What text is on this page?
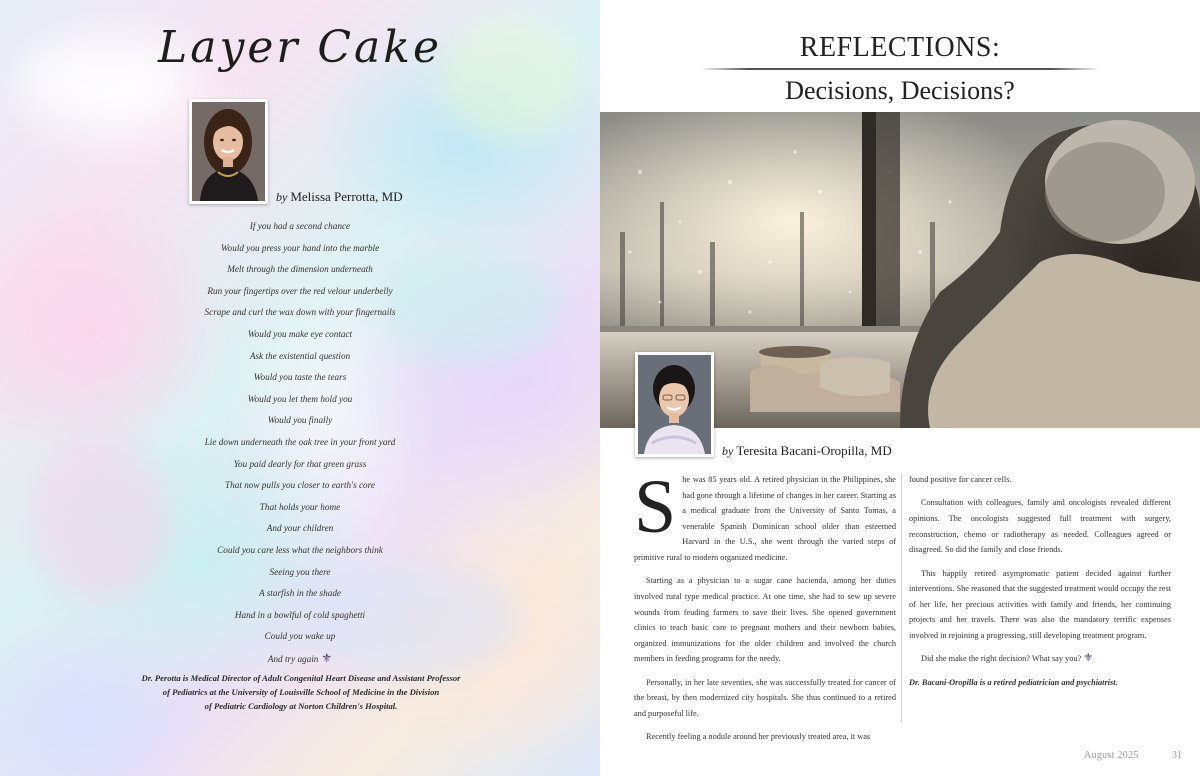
Layer Cake
by Melissa Perrotta, MD
If you had a second chance
Would you press your hand into the marble
Melt through the dimension underneath
Run your fingertips over the red velour underbelly
Scrape and curl the wax down with your fingernails
Would you make eye contact
Ask the existential question
Would you taste the tears
Would you let them hold you
Would you finally
Lie down underneath the oak tree in your front yard
You paid dearly for that green grass
That now pulls you closer to earth's core
That holds your home
And your children
Could you care less what the neighbors think
Seeing you there
A starfish in the shade
Hand in a bowlful of cold spaghetti
Could you wake up
And try again ⚜
Dr. Perotta is Medical Director of Adult Congenital Heart Disease and Assistant Professor
of Pediatrics at the University of Louisville School of Medicine in the Division
of Pediatric Cardiology at Norton Children's Hospital.
REFLECTIONS:
Decisions, Decisions?
by Teresita Bacani-Oropilla, MD

She was 85 years old. A retired physician in the Philippines, she had gone through a lifetime of changes in her career. Starting as a medical graduate from the University of Santo Tomas, a venerable Spanish Dominican school older than esteemed Harvard in the U.S., she went through the varied steps of primitive rural to modern organized medicine.

Starting as a physician to a sugar cane hacienda, among her duties involved rural type medical practice. At one time, she had to sew up severe wounds from feuding farmers to save their lives. She opened government clinics to teach basic care to pregnant mothers and their newborn babies, organized immunizations for the older children and involved the church members in feeding programs for the needy.

Personally, in her late seventies, she was successfully treated for cancer of the breast, by then modernized city hospitals. She thus continued to a retired and purposeful life.

Recently feeling a nodule around her previously treated area, it was

found positive for cancer cells.

Consultation with colleagues, family and oncologists revealed different opinions. The oncologists suggested full treatment with surgery, reconstruction, chemo or radiotherapy as needed. Colleagues agreed or disagreed. So did the family and close friends.

This happily retired asymptomatic patient decided against further interventions. She reasoned that the suggested treatment would occupy the rest of her life, her precious activities with family and friends, her continuing projects and her travels. There was also the mandatory terrific expenses involved in rejoining a progressing, still developing treatment program.

Did she make the right decision? What say you? ⚜

Dr. Bacani-Oropilla is a retired pediatrician and psychiatrist.

August 2025	31
